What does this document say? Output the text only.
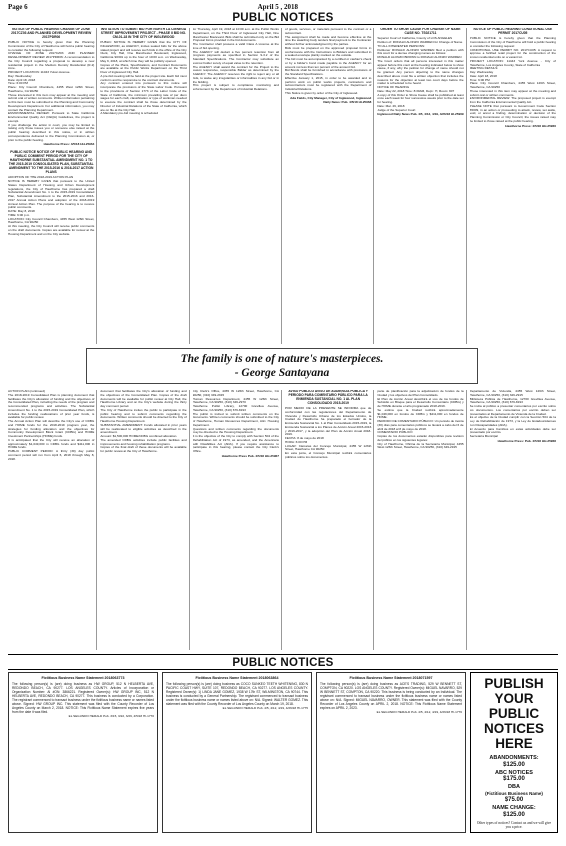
Page 6	April 5 , 2018
PUBLIC NOTICES
NOTICE OF PUBLIC HEARING CHANGE OF ZONE 2017CZ03 AND PLANNED DEVELOPMENT REVIEW 2017PDR06
PUBLIC NOTICE is hereby given that the Planning Commission of the City of Hawthorne will hold a public hearing to consider the following request:
CHANGE OF ZONE 2017CZ03 AND PLANNED DEVELOPMENT REVIEW 2017PDR06: A recommendation to the City Council regarding a proposal to develop a new residential project in the Medium Density Residential (R-2) zone.
PROJECT LOCATION: 11043 Yukon Avenue.
Day: Wednesday
Date: April 18, 2018
Time: 6:00 PM
Place: City Council Chambers, 4455 West 126th Street, Hawthorne, CA 90250
Those interested in this item may appear at the meeting and submit oral or written comments. Written information pertaining to this item must be submitted to the Planning and Community Development Department. For additional information, you may contact the Planning Department.
ENVIRONMENTAL REVIEW: Pursuant to State California Environmental Quality Act (CEQA) Guidelines, the project is exempt.
If you challenge the action in court, you may be limited to raising only those issues you or someone else raised at the public hearing described in this notice, or in written correspondence delivered to the Planning Commission at, or prior to the public hearing.
Hawthorne Press: 4/5/18 HH-25964
PUBLIC NOTICE NOTICE OF PUBLIC HEARING AND PUBLIC COMMENT PERIOD FOR THE CITY OF HAWTHORNE SUBSTANTIAL AMENDMENT NO. 1 TO THE 2015-2019 CONSOLIDATED PLAN, SUBSTANTIAL AMENDMENT TO THE 2015-2016 & 2016-2017 ACTION PLANS
ADOPTION OF THE 2018-2019 ACTION PLAN
NOTICE IS HEREBY GIVEN that pursuant to the United States Department of Housing and Urban Development regulations, the City of Hawthorne has prepared a draft Substantial Amendment No. 1 to the 2015-2019 Consolidated Plan, Substantial Amendment to the 2015-2016 and 2016-2017 Annual Action Plans and adoption of the 2018-2019 Annual Action Plan. The purpose of the hearing is to receive public comments.
DATE: May 8, 2018
TIME: 6:00 p.m.
LOCATION: City Council Chambers, 4455 West 126th Street, Hawthorne, CA 90250
At this meeting, the City Council will receive public comments on the draft documents. Copies are available for review at the Housing Department and on the City website.
INVITATION TO SUBMIT BID FOR NORTH LA CIENEGA STREET IMPROVEMENT PROJECT - PHASE II BID NO. CM-01-18 IN THE CITY OF INGLEWOOD
PUBLIC NOTICE IS HEREBY GIVEN that the CITY OF INGLEWOOD, as AGENCY, invites sealed bids for the above stated project and will receive such bids in the office of the City Clerk, City Hall, One Manchester Boulevard, Inglewood, California 90301 up to the hour of 10:00 a.m. on Wednesday, May 9, 2018, at which time they will be publicly opened.
Copies of the Plans, Specifications, and Contract Documents are available at the Public Works Department on the Third Floor of Inglewood City Hall.
A pre-bid meeting will be held at the project site. Each bid must conform and be responsive to the contract documents.
Any contract entered into pursuant to this notice will incorporate the provisions of the State Labor Code. Pursuant to the provisions of Section 1773 of the Labor Code of the State of California, the minimum prevailing rate of per diem wages for each craft, classification or type of workman needed to execute the contract shall be those determined by the Director of Industrial Relations of the State of California, which are on file at the City Hall.
A Mandatory pre-bid meeting is scheduled
for Thursday, April 19, 2018 at 10:00 a.m. at the Public Works Department, on the Third Floor of Inglewood City Hall, One Manchester Boulevard. Bids shall be submitted only on the Bid Proposal forms provided in the bid documents.
The Contractor shall possess a valid Class A License at the time of bid opening.
The AGENCY will deduct a five percent retention from all progress payments as specified in Section 9-3.2 of the Standard Specifications. The Contractor may substitute an escrow holder surety of equal value to the retention.
The AGENCY shall award the contract for the Project to the lowest responsive, responsible Bidder as determined by the AGENCY. The AGENCY reserves the right to reject any or all bids, to waive any irregularities or informalities in any bid or in the bidding.
This project is subject to compliance monitoring and enforcement by the Department of Industrial Relations.
of goods, services, or materials pursuant to the contract or a subcontract.
The assignment shall be made and become effective at the time the awarding body tenders final payment to the Contractor without further acknowledgment by the parties.
Bids must be prepared on the approved proposal forms in conformance with the Instructions to Bidders and submitted in a sealed envelope plainly marked on the outside.
The bid must be accompanied by a certified or cashier's check or by a bidder's bond made payable to the AGENCY for an amount not less than ten percent of the amount bid.
Bid Bonds shall be furnished in accordance with provisions of the Standard Specifications.
Effective January 1, 2015, in order to be awarded and to perform work on public works projects, contractors and subcontractors must be registered with the Department of Industrial Relations.
This Notice is given by order of the City of Inglewood.
Ada Fields, City Manager, City of Inglewood, Inglewood Daily News: Pub. 4/5/18 HI-25968
ORDER TO SHOW CAUSE FOR CHANGE OF NAME CASE NO. TS021711
Superior Court of California, County of LOS ANGELES
Petition of: RONALD ALONZO WARREN for Change of Name
TO ALL INTERESTED PERSONS:
Petitioner RONALD ALONZO WARREN filed a petition with this court for a decree changing names as follows:
RONALD ALONZO BROWN to RONALD ALONZO WARREN
The Court orders that all persons interested in this matter appear before this court at the hearing indicated below to show cause, if any, why the petition for change of name should not be granted. Any person objecting to the name changes described above must file a written objection that includes the reasons for the objection at least two court days before the matter is scheduled to be heard.
NOTICE OF HEARING
Date: May 22, 2018 Time: 8:30AM, Dept.: H, Room: 907
A copy of this Order to Show Cause shall be published at least once each week for four successive weeks prior to the date set for hearing.
Date: Mar. 29, 2018
Judge of the Superior Court
Inglewood Daily News Pub. 4/5, 4/12, 4/19, 4/26/18 HI-25969
NOTICE OF PUBLIC HEARING CONDITIONAL USE PERMIT 2017CU05
PUBLIC NOTICE is hereby given that the Planning Commission of the City of Hawthorne will hold a public hearing to consider the following request:
CONDITIONAL USE PERMIT NO. 2017CU05: A request to approve a fortified retail project for the construction of the known residential units on a vacant lot.
PROJECT LOCATION: 11443 York Avenue - City of Hawthorne, Los Angeles County, State of California
MEETING DETAILS:
Day: Wednesday
Date: April 18, 2018
Time: 6:00 PM
Place: City Council Chambers, 4455 West 126th Street, Hawthorne, CA 90250
Those interested in this item may appear at the meeting and submit oral or written comments.
ENVIRONMENTAL REVIEW: The proposed project is exempt from the California Environmental Quality Act.
PLEASE NOTE that pursuant to Government Code Section 65009, in an action or proceeding to attack, review, set aside, void, or annul a finding, determination or decision of the Planning Commission or City Council, the issues raised may be limited to those raised at the public hearing.
Hawthorne Press: 4/5/18 HH-25966
The family is one of nature's masterpieces.
- George Santayana
ACTION PLAN (continued)
The 2018-2019 Consolidated Plan is planning document that facilitates the City's allocation of funding and the objectives of the Consolidated Plan, including the needs of the program and recommended programs and activities. The Substantial Amendment No. 1 to the 2015-2019 Consolidated Plan, which includes the funding reallocations of prior year funds, is available for public review.
The Annual Action Plan will describe the City's use of CDBG and HOME funds for the 2018-2019 program year, the strategies for funding allocation and the objectives for Community Development Block Grant (CDBG) and HOME Investment Partnerships (HOME) funds.
It is anticipated that the City will receive an allocation of approximately $1,049,000 in CDBG funds and $411,000 in HOME funds.
PUBLIC COMMENT PERIOD: A thirty (30) day public comment period will run from April 6, 2018 through May 8, 2018.
document that facilitates the City's allocation of funding and the objectives of the Consolidated Plan. Copies of the draft documents will be available for public review at City Hall, the Hawthorne Library and on the City's website during the thirty day comment period.
The City of Hawthorne invites the public to participate in the public hearing and to submit comments regarding the documents. Written comments should be directed to the City of Hawthorne Housing Department.
SUBSTANTIAL AMENDMENT: Funds allocated in prior years will be reallocated to eligible activities as described in the amendment.
Amount: $1,500,000 HOME/CDBG combined allocation.
The amended CDBG activities include public facilities and improvements and housing rehabilitation programs.
Copies of the final draft of these documents will be available for public review at the City of Hawthorne.
City Clerk's Office, 4455 W 126th Street, Hawthorne, CA 90250, (310) 349-2915
Human Resources Department, 4455 W 126th Street, Hawthorne, CA 90250, (310) 349-2970
Hawthorne Public Library, 12700 Grevillea Avenue, Hawthorne, CA 90250, (310) 679-8193
The public is invited to submit written comments on the documents. Written comments should be submitted to the City of Hawthorne, Human Resources Department, Attn: Housing Department.
Questions and written comments regarding the documents may be directed to the Housing Department.
It is the objective of the City to comply with Section 504 of the Rehabilitation Act of 1973, as amended, and the Americans with Disabilities Act (ADA). If you require assistance to participate in this hearing, please contact the City Clerk's Office.
Hawthorne Press Pub. 4/5/18 HH-25967
AVISO PÚBLICO AVISO DE AUDIENCIA PÚBLICA Y PERIODO PARA COMENTARIO PÚBLICO PARA LA ENMIENDA SUSTANCIAL NO. 1 AL PLAN CONSOLIDADO 2015-2019
POR MEDIO DE LA PRESENTE SE INFORMA que de conformidad con las regulaciones del Departamento de Vivienda y Desarrollo Urbano de los Estados Unidos, la Ciudad de Hawthorne ha preparado el borrador de la Enmienda Sustancial No. 1 al Plan Consolidado 2015-2019, la Enmienda Sustancial a los Planes de Acción Anual 2015-2016 y 2016-2017, y la adopción del Plan de Acción Anual 2018-2019.
FECHA: 8 de mayo de 2018
HORA: 6:00 PM
LUGAR: Cámaras del Concejo Municipal, 4455 W 126th Street, Hawthorne CA 90250
En esta junta, el Concejo Municipal recibirá comentarios públicos sobre los documentos.
parte de planificación para la adjudicación de fondos de la Ciudad y los objetivos del Plan Consolidado.
El Plan de Acción Anual describirá el uso de los fondos de Subsidio en Bloque para el Desarrollo Comunitario (CDBG) y de HOME durante el año programado 2018-2019.
Se estima que la Ciudad recibirá aproximadamente $1,049,000 en fondos de CDBG y $411,000 en fondos de HOME.
PERIODO DE COMENTARIO PÚBLICO: Un periodo de treinta (30) días para comentarios públicos se llevará a cabo del 6 de abril de 2018 al 8 de mayo de 2018.
COMENTARIO PÚBLICO
Copias de los documentos estarán disponibles para revisión del público en los siguientes lugares:
City of Hawthorne, Oficina de la Secretaría Municipal, 4455 West 126th Street, Hawthorne, CA 90250, (310) 349-2915
Departamento de Vivienda, 4455 West 126th Street, Hawthorne, CA 90250, (310) 349-2915
Biblioteca Pública de Hawthorne, 12700 Grevillea Avenue, Hawthorne, CA 90250, (310) 679-8193
Se invita al público a presentar comentarios por escrito sobre los documentos. Los comentarios por escrito deben ser presentados al Departamento de Vivienda de la Ciudad.
Es el objetivo de la Ciudad cumplir con la Sección 504 de la Ley de Rehabilitación de 1973, y la Ley de Estadounidenses con Discapacidades (ADA).
El Acuerdo para Cambios en estas actividades debe ser presentado por escrito.
Secretaría Municipal
Hawthorne Press: Pub. 4/5/18 HH-25968
PUBLIC NOTICES
Fictitious Business Name Statement 2018063773
The following person(s) is (are) doing business as HW GROUP, 512 N HELBERTA AVE, REDONDO BEACH, CA 90277. LOS ANGELES COUNTY. Articles of Incorporation or Organization Number: Al #ON: 3866221. Registered Owner(s): HW GROUP INC, 512 N HELBERTA AVE, REDONDO BEACH, CA 90277. This business is conducted by a Corporation. The registrant commenced to transact business under the fictitious business name or names listed above. Signed: HW GROUP INC. This statement was filed with the County Recorder of Los Angeles County on March 2, 2018. NOTICE: This Fictitious Name Statement expires five years from the date it was filed.
EL SEGUNDO HERALD Pub. 3/15, 3/22, 3/29, 4/5/18 HI-1770
Fictitious Business Name Statement 2018063864
The following person(s) is (are) doing business as COCO SUNKEO TEETH WHITENING, 830 N PACIFIC COAST HWY, SUITE 107, REDONDO BEACH, CA 90277. LOS ANGELES COUNTY. Registered Owner(s): 1) LINDA JANE GOMEZ, 1938 W 17th ST, WILMINGTON, CA 90744. This business is conducted by a General Partnership. The registrant commenced to transact business under the fictitious business name or names listed above on: N/A. Signed: WALTER GOMEZ. This statement was filed with the County Recorder of Los Angeles County on March 19, 2018.
EL SEGUNDO HERALD Pub. 4/5, 4/12, 4/19, 4/26/18 HI-1775
Fictitious Business Name Statement 2018071597
The following person(s) is (are) doing business as ACE'S TRADING, 529 W BENNETT ST, COMPTON, CA 90220. LOS ANGELES COUNTY. Registered Owner(s): MIGUEL NAVARRO, 529 W BENNETT ST, COMPTON, CA 90220. This business is being conducted by an Individual. The registrant commenced to transact business under the fictitious business name or names listed above on: N/A. Signed: MIGUEL NAVARRO, OWNER. This statement was filed with the County Recorder of Los Angeles County on APRIL 2, 2018. NOTICE: This Fictitious Name Statement expires on APRIL 2, 2023.
EL SEGUNDO HERALD Pub. 4/5, 4/12, 4/19, 4/26/18 HI-1776
PUBLISH YOUR PUBLIC NOTICES HERE
ABANDONMENTS:
$125.00
ABC NOTICES
$175.00
DBA
(Fictitious Business Name)
$75.00
NAME CHANGE:
$125.00
Other types of notices? Contact us and we will give you a price.
